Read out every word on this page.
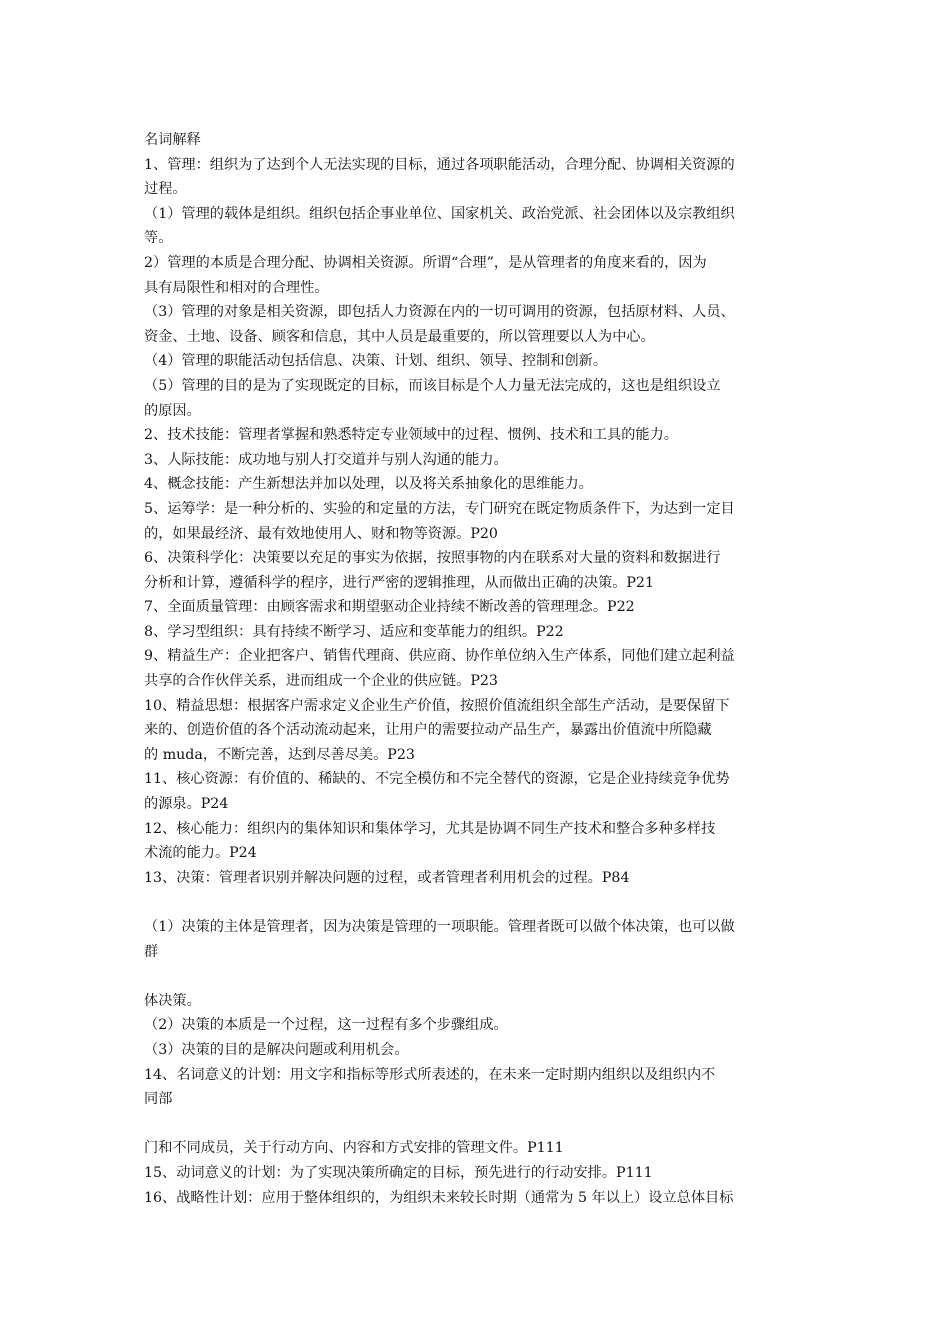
名词解释
1、管理：组织为了达到个人无法实现的目标，通过各项职能活动，合理分配、协调相关资源的
过程。
（1）管理的载体是组织。组织包括企事业单位、国家机关、政治党派、社会团体以及宗教组织
等。
2）管理的本质是合理分配、协调相关资源。所谓“合理”，是从管理者的角度来看的，因为
具有局限性和相对的合理性。
（3）管理的对象是相关资源，即包括人力资源在内的一切可调用的资源，包括原材料、人员、
资金、土地、设备、顾客和信息，其中人员是最重要的，所以管理要以人为中心。
（4）管理的职能活动包括信息、决策、计划、组织、领导、控制和创新。
（5）管理的目的是为了实现既定的目标，而该目标是个人力量无法完成的，这也是组织设立
的原因。
2、技术技能：管理者掌握和熟悉特定专业领域中的过程、惯例、技术和工具的能力。
3、人际技能：成功地与别人打交道并与别人沟通的能力。
4、概念技能：产生新想法并加以处理，以及将关系抽象化的思维能力。
5、运筹学：是一种分析的、实验的和定量的方法，专门研究在既定物质条件下，为达到一定目
的，如果最经济、最有效地使用人、财和物等资源。P20
6、决策科学化：决策要以充足的事实为依据，按照事物的内在联系对大量的资料和数据进行
分析和计算，遵循科学的程序，进行严密的逻辑推理，从而做出正确的决策。P21
7、全面质量管理：由顾客需求和期望驱动企业持续不断改善的管理理念。P22
8、学习型组织：具有持续不断学习、适应和变革能力的组织。P22
9、精益生产：企业把客户、销售代理商、供应商、协作单位纳入生产体系，同他们建立起利益
共享的合作伙伴关系，进而组成一个企业的供应链。P23
10、精益思想：根据客户需求定义企业生产价值，按照价值流组织全部生产活动，是要保留下
来的、创造价值的各个活动流动起来，让用户的需要拉动产品生产，暴露出价值流中所隐藏
的 muda，不断完善，达到尽善尽美。P23
11、核心资源：有价值的、稀缺的、不完全模仿和不完全替代的资源，它是企业持续竞争优势
的源泉。P24
12、核心能力：组织内的集体知识和集体学习，尤其是协调不同生产技术和整合多种多样技
术流的能力。P24
13、决策：管理者识别并解决问题的过程，或者管理者利用机会的过程。P84
（1）决策的主体是管理者，因为决策是管理的一项职能。管理者既可以做个体决策，也可以做
群
体决策。
（2）决策的本质是一个过程，这一过程有多个步骤组成。
（3）决策的目的是解决问题或利用机会。
14、名词意义的计划：用文字和指标等形式所表述的，在未来一定时期内组织以及组织内不
同部
门和不同成员，关于行动方向、内容和方式安排的管理文件。P111
15、动词意义的计划：为了实现决策所确定的目标，预先进行的行动安排。P111
16、战略性计划：应用于整体组织的，为组织未来较长时期（通常为 5 年以上）设立总体目标
